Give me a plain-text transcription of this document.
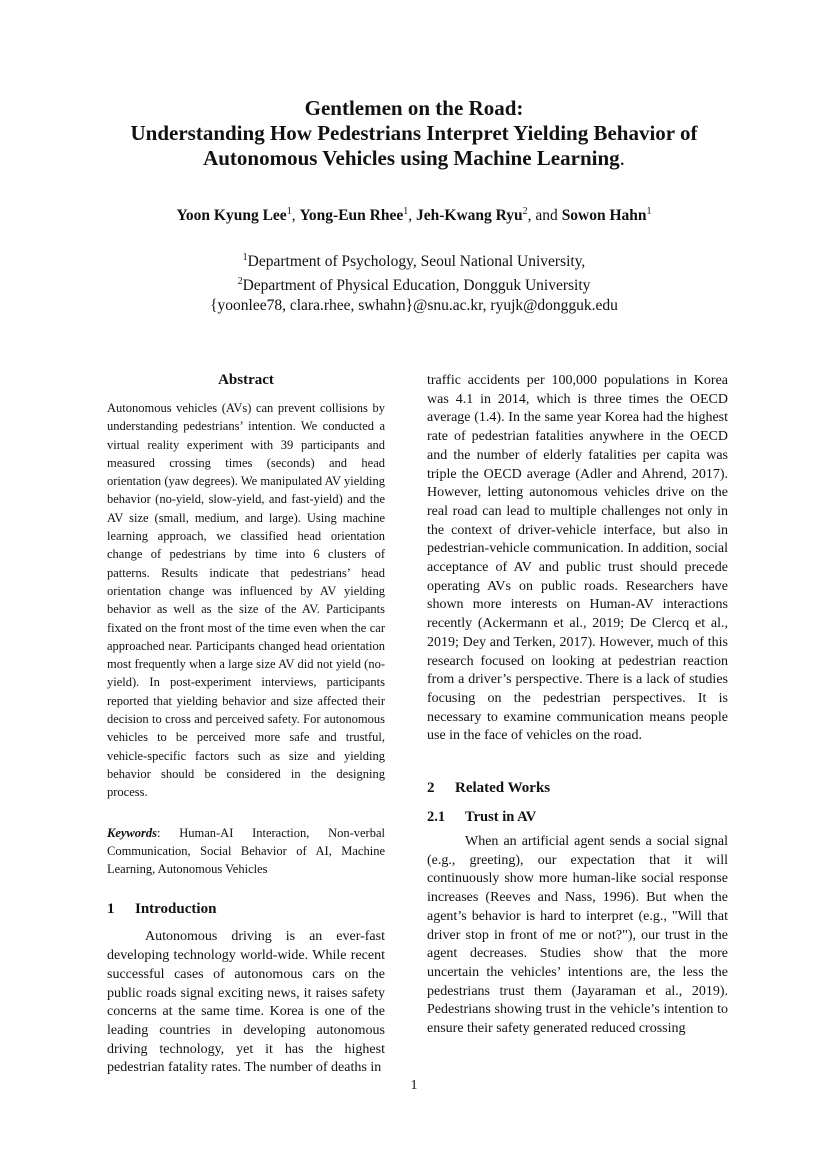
Gentlemen on the Road:
Understanding How Pedestrians Interpret Yielding Behavior of
Autonomous Vehicles using Machine Learning.
Yoon Kyung Lee$^1$, Yong-Eun Rhee$^1$, Jeh-Kwang Ryu$^2$, and Sowon Hahn$^1$
$^1$Department of Psychology, Seoul National University,
$^2$Department of Physical Education, Dongguk University
{yoonlee78, clara.rhee, swhahn}@snu.ac.kr, ryujk@dongguk.edu
Abstract

Autonomous vehicles (AVs) can prevent collisions by understanding pedestrians’ intention. We conducted a virtual reality experiment with 39 participants and measured crossing times (seconds) and head orientation (yaw degrees). We manipulated AV yielding behavior (no-yield, slow-yield, and fast-yield) and the AV size (small, medium, and large). Using machine learning approach, we classified head orientation change of pedestrians by time into 6 clusters of patterns. Results indicate that pedestrians’ head orientation change was influenced by AV yielding behavior as well as the size of the AV. Participants fixated on the front most of the time even when the car approached near. Participants changed head orientation most frequently when a large size AV did not yield (no-yield). In post-experiment interviews, participants reported that yielding behavior and size affected their decision to cross and perceived safety. For autonomous vehicles to be perceived more safe and trustful, vehicle-specific factors such as size and yielding behavior should be considered in the designing process.

Keywords: Human-AI Interaction, Non-verbal Communication, Social Behavior of AI, Machine Learning, Autonomous Vehicles

1 Introduction

Autonomous driving is an ever-fast developing technology world-wide. While recent successful cases of autonomous cars on the public roads signal exciting news, it raises safety concerns at the same time. Korea is one of the leading countries in developing autonomous driving technology, yet it has the highest pedestrian fatality rates. The number of deaths in

traffic accidents per 100,000 populations in Korea was 4.1 in 2014, which is three times the OECD average (1.4). In the same year Korea had the highest rate of pedestrian fatalities anywhere in the OECD and the number of elderly fatalities per capita was triple the OECD average (Adler and Ahrend, 2017). However, letting autonomous vehicles drive on the real road can lead to multiple challenges not only in the context of driver-vehicle interface, but also in pedestrian-vehicle communication. In addition, social acceptance of AV and public trust should precede operating AVs on public roads. Researchers have shown more interests on Human-AV interactions recently (Ackermann et al., 2019; De Clercq et al., 2019; Dey and Terken, 2017). However, much of this research focused on looking at pedestrian reaction from a driver’s perspective. There is a lack of studies focusing on the pedestrian perspectives. It is necessary to examine communication means people use in the face of vehicles on the road.

2 Related Works
2.1 Trust in AV

When an artificial agent sends a social signal (e.g., greeting), our expectation that it will continuously show more human-like social response increases (Reeves and Nass, 1996). But when the agent’s behavior is hard to interpret (e.g., "Will that driver stop in front of me or not?"), our trust in the agent decreases. Studies show that the more uncertain the vehicles’ intentions are, the less the pedestrians trust them (Jayaraman et al., 2019). Pedestrians showing trust in the vehicle’s intention to ensure their safety generated reduced crossing

1
